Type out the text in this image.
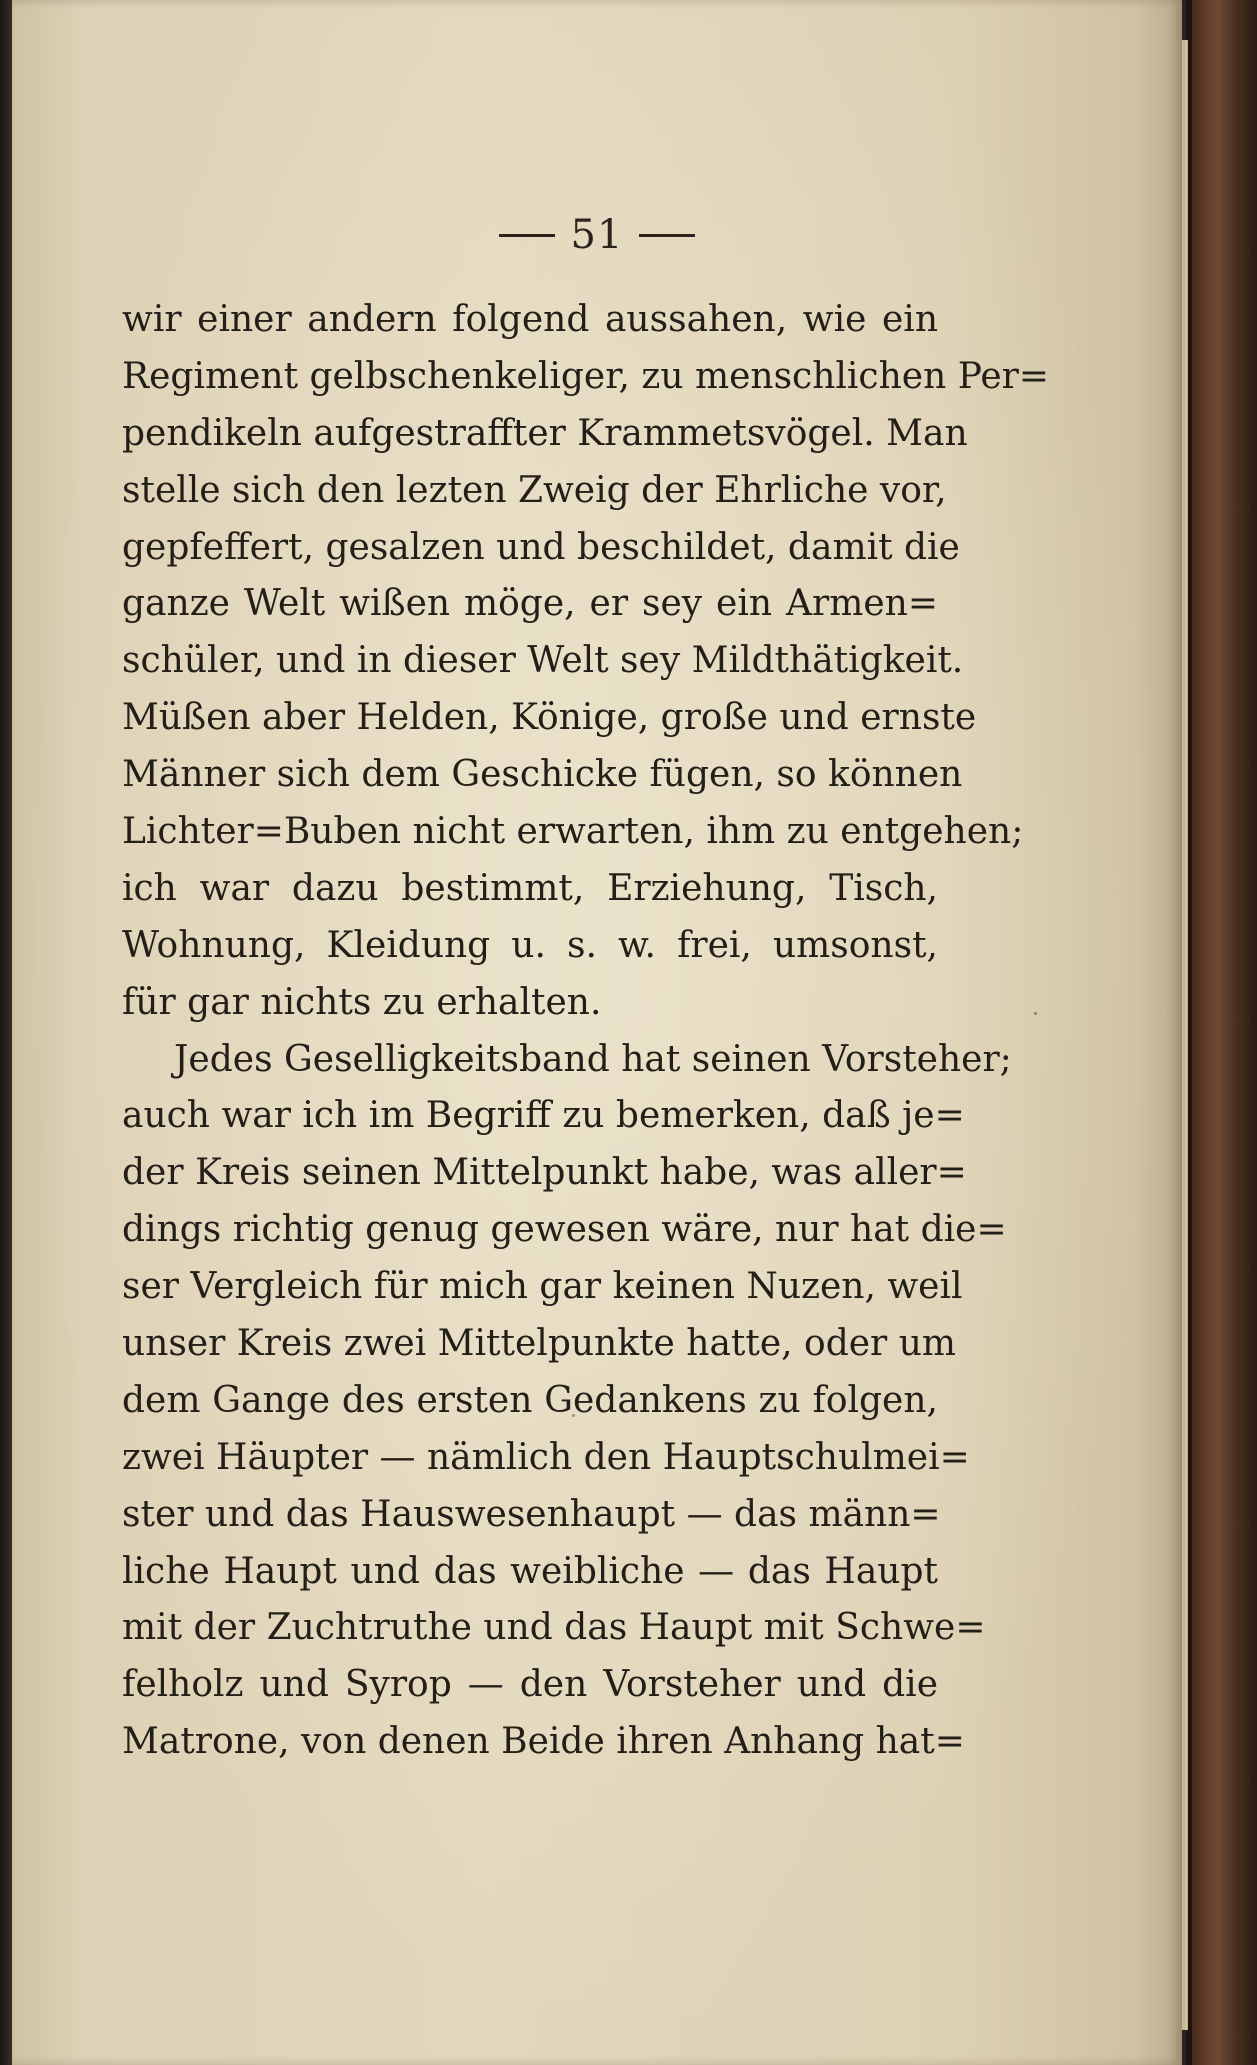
51
wir einer andern folgend aussahen, wie ein
Regiment gelbschenkeliger, zu menschlichen Per=
pendikeln aufgestraffter Krammetsvögel. Man
stelle sich den lezten Zweig der Ehrliche vor,
gepfeffert, gesalzen und beschildet, damit die
ganze Welt wißen möge, er sey ein Armen=
schüler, und in dieser Welt sey Mildthätigkeit.
Müßen aber Helden, Könige, große und ernste
Männer sich dem Geschicke fügen, so können
Lichter=Buben nicht erwarten, ihm zu entgehen;
ich war dazu bestimmt, Erziehung, Tisch,
Wohnung, Kleidung u. s. w. frei, umsonst,
für gar nichts zu erhalten.
Jedes Geselligkeitsband hat seinen Vorsteher;
auch war ich im Begriff zu bemerken, daß je=
der Kreis seinen Mittelpunkt habe, was aller=
dings richtig genug gewesen wäre, nur hat die=
ser Vergleich für mich gar keinen Nuzen, weil
unser Kreis zwei Mittelpunkte hatte, oder um
dem Gange des ersten Gedankens zu folgen,
zwei Häupter — nämlich den Hauptschulmei=
ster und das Hauswesenhaupt — das männ=
liche Haupt und das weibliche — das Haupt
mit der Zuchtruthe und das Haupt mit Schwe=
felholz und Syrop — den Vorsteher und die
Matrone, von denen Beide ihren Anhang hat=
